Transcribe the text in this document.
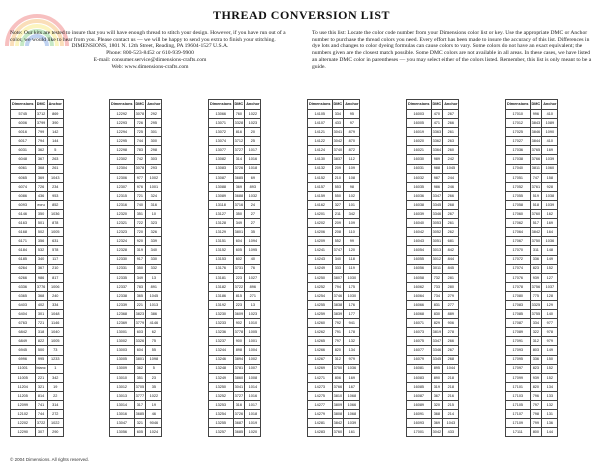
THREAD CONVERSION LIST
Note: Our kits are tested to insure that you will have enough thread to stitch your design. However, if you have run out of a color, we would like to hear from you. Please contact us — we will be happy to send you extra to finish your stitching.
DIMENSIONS, 1801 N. 12th Street, Reading, PA 19604-1527 U.S.A.
Phone: 800-523-8452 or 610-939-9900
E-mail: consumer.service@dimensions-crafts.com
Web: www.dimensions-crafts.com
To use this list: Locate the color code number from your Dimensions color list or key. Use the appropriate DMC or Anchor number to purchase the thread colors you need. Every effort has been made to insure the accuracy of this list. Differences in dye lots and changes to color dyeing formulas can cause colors to vary. Some colors do not have an exact equivalent; the numbers given are the closest match possible. Some DMC colors are not available in all areas. In these cases, we have listed an alternate DMC color in parentheses — you may select either of the colors listed. Remember, this list is only meant to be a guide.
Dimensions	DMC	Anchor
5745	3712	869
6006	3799	390
6016	799	142
6017	794	144
6031	362	5
6048	367	263
6061	368	261
6065	369	1043
6074	726	234
6086	436	953
6093	ecru	852
6146	350	1036
6163	501	878
6168	502	1005
6171	356	631
6184	532	578
6185	340	117
6264	367	210
6266	986	817
6336	3776	1006
6365	368	240
6403	402	334
6404	301	1048
6763	721	1146
6842	318	1040
6849	822	1005
6945	500	73
6996	995	1233
11001	blanc	1
11005	221	342
11204	321	19
11205	814	22
12099	741	314
12102	744	272
12202	3722	1022
12290	307	290
Dimensions	DMC	Anchor
12292	3078	292
12293	726	295
12294	725	301
12295	744	300
12298	783	298
12302	742	303
12304	3078	293
12306	977	1002
12307	976	1001
12315	721	324
12316	740	316
12320	351	10
12321	722	323
12323	720	326
12324	920	339
12328	319	340
12330	917	330
12331	350	332
12335	349	13
12337	783	891
12338	365	1045
12339	221	1013
12368	3823	386
12369	3779	4146
13001	603	62
13002	3326	75
13003	604	55
13005	3801	1098
13009	362	5
13010	351	23
13012	3705	35
13013	3777	1022
13014	317	19
13016	3685	46
13047	321	9046
13056	605	1024
Dimensions	DMC	Anchor
13066	760	1022
13071	3328	1023
13072	816	20
13074	3712	25
13077	3727	1017
13082	314	1016
13083	3726	1018
13087	3685	69
13088	369	893
13089	3688	1032
13118	3716	24
13127	350	27
13128	349	27
13129	3801	35
13151	604	1094
13152	605	1095
13153	602	40
13176	3731	76
13181	223	1027
13182	3722	896
13186	815	271
13192	223	13
13230	3609	1023
13233	902	1010
13236	3778	1005
13237	900	1001
13244	898	1004
13246	3894	1002
13248	3781	1007
13249	3860	1008
13250	3041	1014
13252	3727	1016
13253	316	1017
13254	3726	1018
13255	3687	1019
13257	3685	1020
Dimensions	DMC	Anchor
14105	334	95
14107	433	97
14121	3041	879
14122	3042	870
14124	3740	872
14130	3837	112
14132	209	109
14152	210	108
14157	553	98
14159	550	102
14162	327	101
14201	211	342
14202	209	109
14206	208	110
14209	552	99
14241	3747	120
14243	340	118
14249	333	119
14250	3807	1030
14252	794	175
14254	3746	1030
14255	3838	176
14259	3839	177
14260	792	941
14262	791	178
14265	797	132
14266	820	134
14267	312	979
14269	3750	1036
14271	806	169
14273	3766	167
14275	3810	1068
14277	3809	1066
14279	3808	1068
14281	3842	1039
14283	3760	161
Dimensions	DMC	Anchor
16003	470	267
16005	471	266
16019	3363	261
16020	3362	263
16021	3364	260
16030	989	242
16031	988	1045
16032	987	244
16035	986	246
16036	3347	266
16038	3345	268
16039	3346	267
16040	3053	261
16042	3052	262
16043	3051	681
16054	3013	842
16055	3012	844
16056	3011	845
16058	732	281
16062	733	280
16064	734	279
16066	831	277
16068	830	889
16071	829	906
16073	3819	278
16075	3347	266
16077	3346	267
16079	3345	268
16081	895	1044
16083	890	218
16085	319	218
16087	367	216
16089	320	215
16091	368	214
16093	369	1043
17001	3042	433
Dimensions	DMC	Anchor
17010	996	410
17012	3843	1089
17025	3846	1090
17027	3844	410
17036	3765	169
17038	3766	1039
17040	3811	1060
17051	747	158
17052	3761	928
17055	519	1038
17058	518	1039
17060	3760	162
17062	517	169
17064	3842	164
17067	3750	1036
17070	311	148
17072	336	149
17074	823	152
17076	939	127
17078	3756	1037
17080	775	128
17083	3325	129
17085	3755	140
17087	334	977
17089	322	978
17091	312	979
17093	803	149
17095	336	150
17097	823	152
17099	939	152
17101	820	134
17103	796	133
17105	797	132
17107	798	131
17109	799	136
17111	800	144
© 2004 Dimensions. All rights reserved.
